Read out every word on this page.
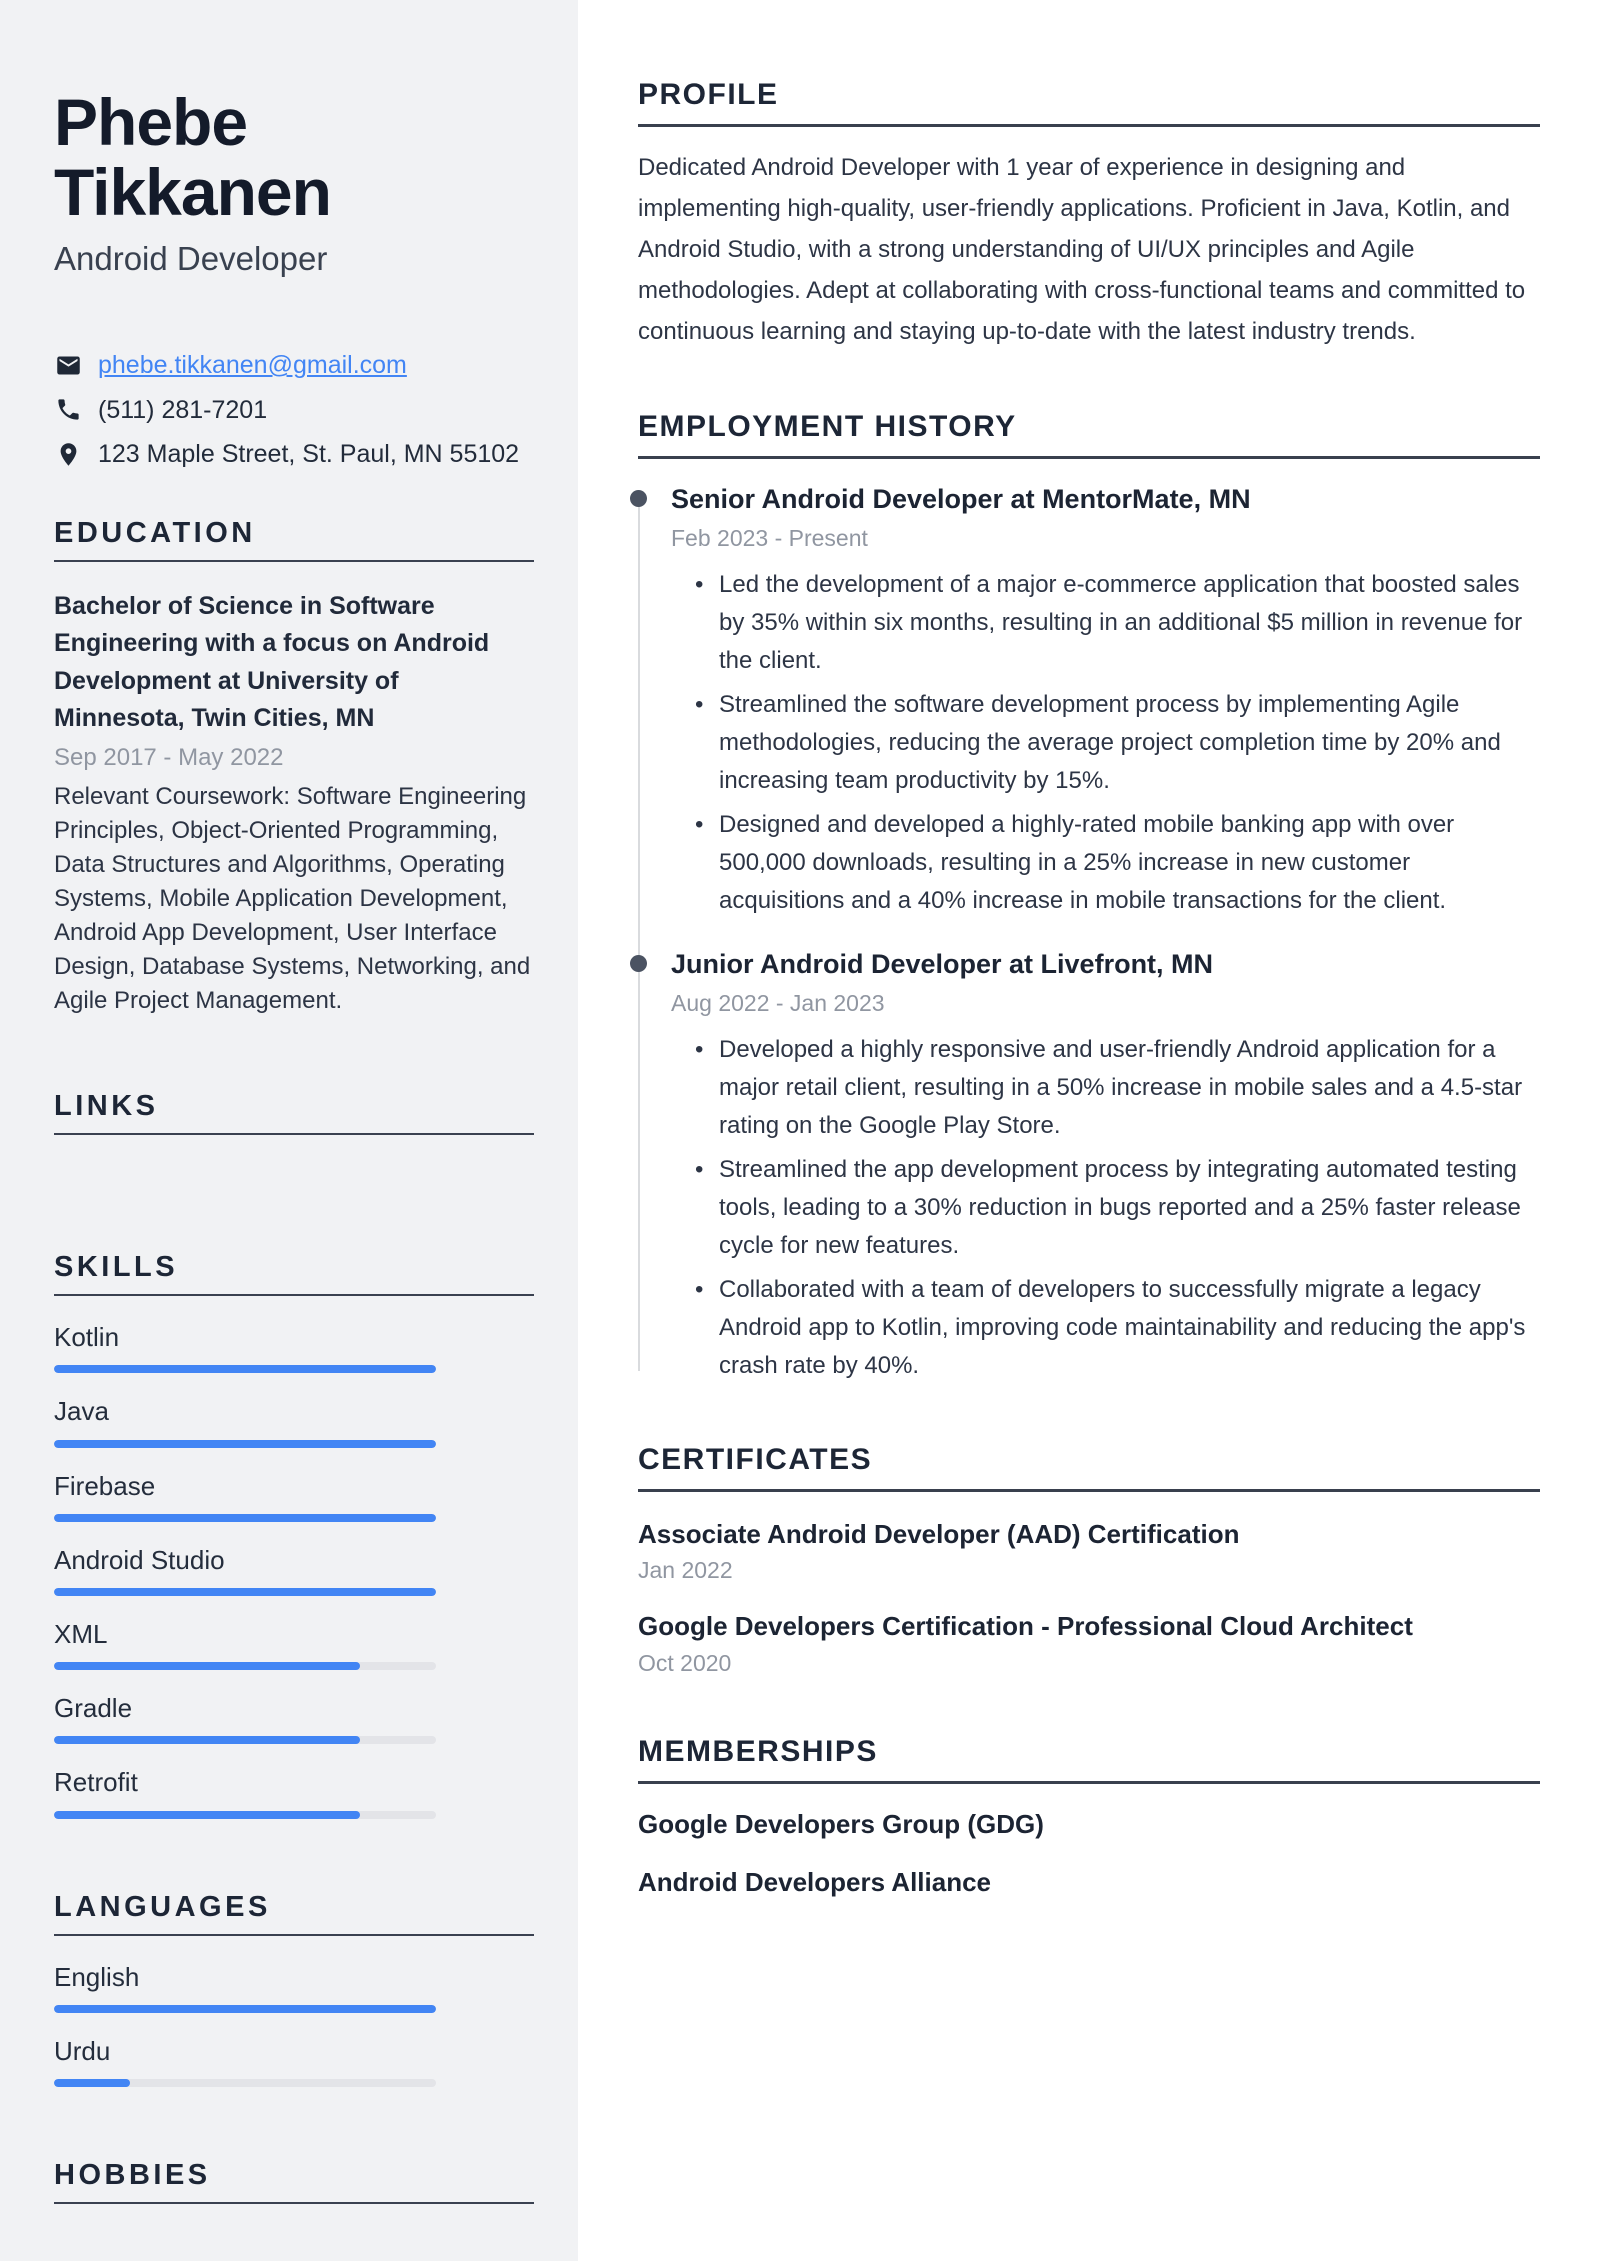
Phebe Tikkanen
Android Developer
phebe.tikkanen@gmail.com
(511) 281-7201
123 Maple Street, St. Paul, MN 55102
EDUCATION
Bachelor of Science in Software Engineering with a focus on Android Development at University of Minnesota, Twin Cities, MN
Sep 2017 - May 2022
Relevant Coursework: Software Engineering Principles, Object-Oriented Programming, Data Structures and Algorithms, Operating Systems, Mobile Application Development, Android App Development, User Interface Design, Database Systems, Networking, and Agile Project Management.
LINKS
SKILLS
Kotlin
Java
Firebase
Android Studio
XML
Gradle
Retrofit
LANGUAGES
English
Urdu
HOBBIES
PROFILE

Dedicated Android Developer with 1 year of experience in designing and implementing high-quality, user-friendly applications. Proficient in Java, Kotlin, and Android Studio, with a strong understanding of UI/UX principles and Agile methodologies. Adept at collaborating with cross-functional teams and committed to continuous learning and staying up-to-date with the latest industry trends.

EMPLOYMENT HISTORY
Senior Android Developer at MentorMate, MN
Feb 2023 - Present
• Led the development of a major e-commerce application that boosted sales by 35% within six months, resulting in an additional $5 million in revenue for the client.
• Streamlined the software development process by implementing Agile methodologies, reducing the average project completion time by 20% and increasing team productivity by 15%.
• Designed and developed a highly-rated mobile banking app with over 500,000 downloads, resulting in a 25% increase in new customer acquisitions and a 40% increase in mobile transactions for the client.
Junior Android Developer at Livefront, MN
Aug 2022 - Jan 2023
• Developed a highly responsive and user-friendly Android application for a major retail client, resulting in a 50% increase in mobile sales and a 4.5-star rating on the Google Play Store.
• Streamlined the app development process by integrating automated testing tools, leading to a 30% reduction in bugs reported and a 25% faster release cycle for new features.
• Collaborated with a team of developers to successfully migrate a legacy Android app to Kotlin, improving code maintainability and reducing the app's crash rate by 40%.
CERTIFICATES
Associate Android Developer (AAD) Certification
Jan 2022
Google Developers Certification - Professional Cloud Architect
Oct 2020
MEMBERSHIPS
Google Developers Group (GDG)
Android Developers Alliance
